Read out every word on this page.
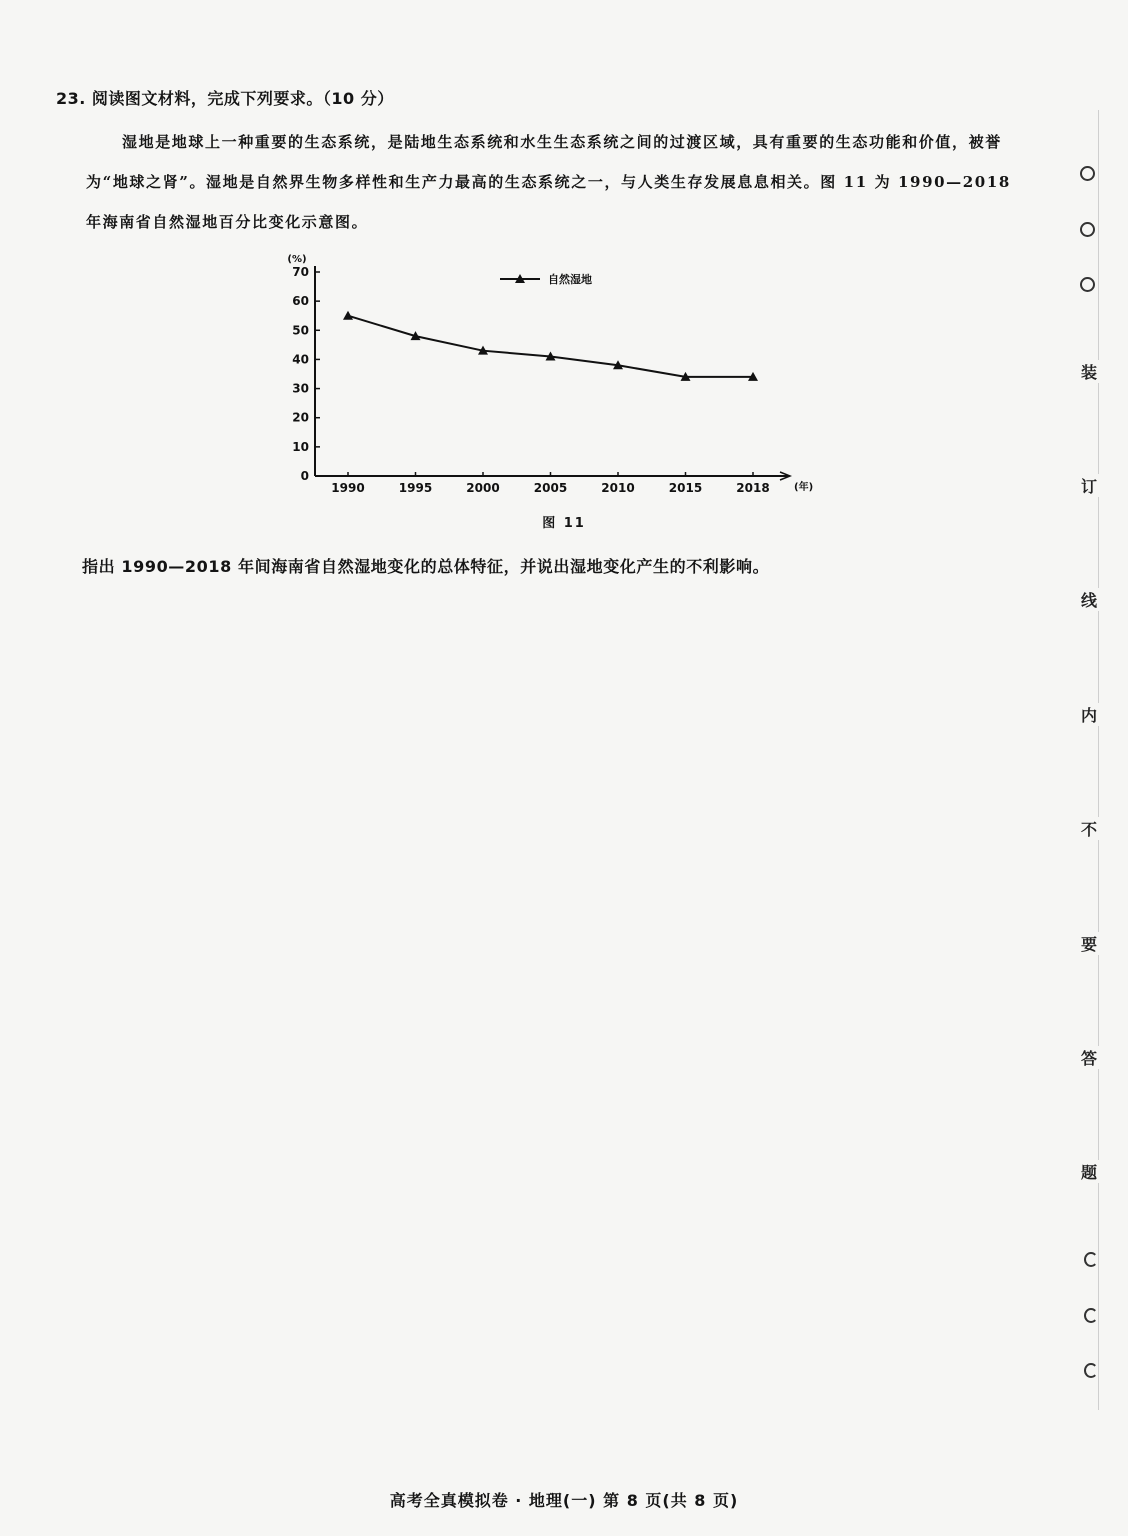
23. 阅读图文材料，完成下列要求。（10 分）

湿地是地球上一种重要的生态系统，是陆地生态系统和水生生态系统之间的过渡区域，具有重要的生态功能和价值，被誉为“地球之肾”。湿地是自然界生物多样性和生产力最高的生态系统之一，与人类生存发展息息相关。图 11 为 1990—2018 年海南省自然湿地百分比变化示意图。

0
10
20
30
40
50
60
70
(%)
1990	1995	2000	2005	2010	2015	2018 (年)
自然湿地
图 11

指出 1990—2018 年间海南省自然湿地变化的总体特征，并说出湿地变化产生的不利影响。

装
订
线
内
不
要
答
题
高考全真模拟卷 · 地理(一) 第 8 页(共 8 页)
